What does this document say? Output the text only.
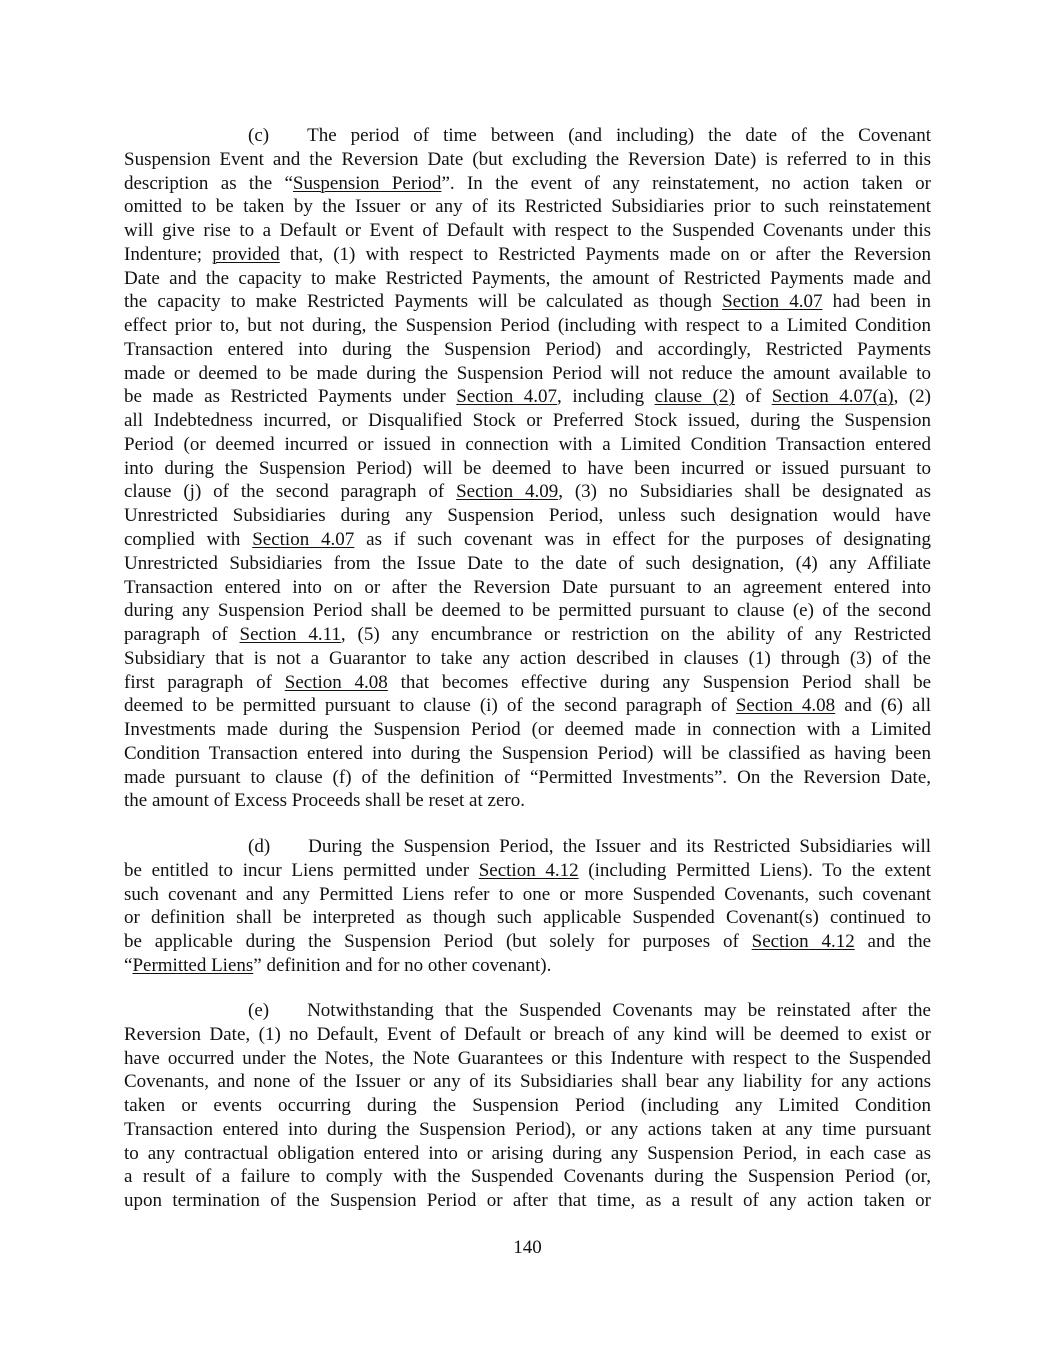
(c)  The period of time between (and including) the date of the Covenant
Suspension Event and the Reversion Date (but excluding the Reversion Date) is referred to in this
description as the “Suspension Period”. In the event of any reinstatement, no action taken or
omitted to be taken by the Issuer or any of its Restricted Subsidiaries prior to such reinstatement
will give rise to a Default or Event of Default with respect to the Suspended Covenants under this
Indenture; provided that, (1) with respect to Restricted Payments made on or after the Reversion
Date and the capacity to make Restricted Payments, the amount of Restricted Payments made and
the capacity to make Restricted Payments will be calculated as though Section 4.07 had been in
effect prior to, but not during, the Suspension Period (including with respect to a Limited Condition
Transaction entered into during the Suspension Period) and accordingly, Restricted Payments
made or deemed to be made during the Suspension Period will not reduce the amount available to
be made as Restricted Payments under Section 4.07, including clause (2) of Section 4.07(a), (2)
all Indebtedness incurred, or Disqualified Stock or Preferred Stock issued, during the Suspension
Period (or deemed incurred or issued in connection with a Limited Condition Transaction entered
into during the Suspension Period) will be deemed to have been incurred or issued pursuant to
clause (j) of the second paragraph of Section 4.09, (3) no Subsidiaries shall be designated as
Unrestricted Subsidiaries during any Suspension Period, unless such designation would have
complied with Section 4.07 as if such covenant was in effect for the purposes of designating
Unrestricted Subsidiaries from the Issue Date to the date of such designation, (4) any Affiliate
Transaction entered into on or after the Reversion Date pursuant to an agreement entered into
during any Suspension Period shall be deemed to be permitted pursuant to clause (e) of the second
paragraph of Section 4.11, (5) any encumbrance or restriction on the ability of any Restricted
Subsidiary that is not a Guarantor to take any action described in clauses (1) through (3) of the
first paragraph of Section 4.08 that becomes effective during any Suspension Period shall be
deemed to be permitted pursuant to clause (i) of the second paragraph of Section 4.08 and (6) all
Investments made during the Suspension Period (or deemed made in connection with a Limited
Condition Transaction entered into during the Suspension Period) will be classified as having been
made pursuant to clause (f) of the definition of “Permitted Investments”. On the Reversion Date,
the amount of Excess Proceeds shall be reset at zero.
(d)  During the Suspension Period, the Issuer and its Restricted Subsidiaries will
be entitled to incur Liens permitted under Section 4.12 (including Permitted Liens). To the extent
such covenant and any Permitted Liens refer to one or more Suspended Covenants, such covenant
or definition shall be interpreted as though such applicable Suspended Covenant(s) continued to
be applicable during the Suspension Period (but solely for purposes of Section 4.12 and the
“Permitted Liens” definition and for no other covenant).
(e)  Notwithstanding that the Suspended Covenants may be reinstated after the
Reversion Date, (1) no Default, Event of Default or breach of any kind will be deemed to exist or
have occurred under the Notes, the Note Guarantees or this Indenture with respect to the Suspended
Covenants, and none of the Issuer or any of its Subsidiaries shall bear any liability for any actions
taken or events occurring during the Suspension Period (including any Limited Condition
Transaction entered into during the Suspension Period), or any actions taken at any time pursuant
to any contractual obligation entered into or arising during any Suspension Period, in each case as
a result of a failure to comply with the Suspended Covenants during the Suspension Period (or,
upon termination of the Suspension Period or after that time, as a result of any action taken or
140
